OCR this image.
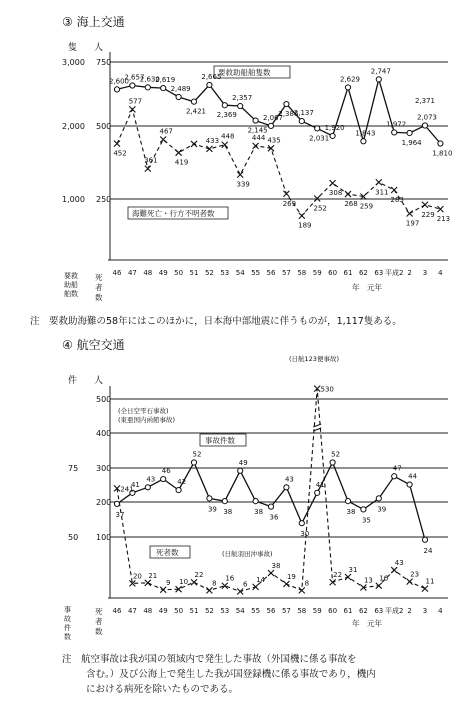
③ 海上交通
隻 人
3,000
2,000
1,000
750
500
250
要救助船舶数
死者数
年　元年
要救助船舶隻数
海難死亡・行方不明者数
④ 航空交通
件 人
75
50
500
400
300
200
100
事故件数
死者数
年　元年
(全日空雫石事故)
(東亜国内函館事故)
(日航123便事故)
(日航羽田沖事故)
事故件数
死者数
46 47 48 49 50 51 52 53 54 55 56 57 58 59 60 61 62 63 平成2 2 3 4
2,600
2,657
2,630
2,619
2,489
2,421
2,665
2,369
2,357
2,145
2,067
2,386
2,137
2,031
1,920
2,629
1,843
2,747
1,972
1,964
2,073
1,810
2,371
452
577
361
467
419
433
448
339
444 435
269
189
252
308
268 259
311
283
197
229
213
46 47 48 49 50 51 52 53 54 55 56 57 58 59 60 61 62 63 平成2 2 3 4
37
41
43
46
42
52
39 38
49
38
36
43
30
41
52
38
35
39
47
44
24
241
20 21
9 10
22
8
16
6
14
38
19
8
530
22
31
13 16
43
23
11
注　要救助海難の58年にはこのほかに，日本海中部地震に伴うものが，1,117隻ある。
注　航空事故は我が国の領域内で発生した事故（外国機に係る事故を
含む。）及び公海上で発生した我が国登録機に係る事故であり，機内
における病死を除いたものである。
